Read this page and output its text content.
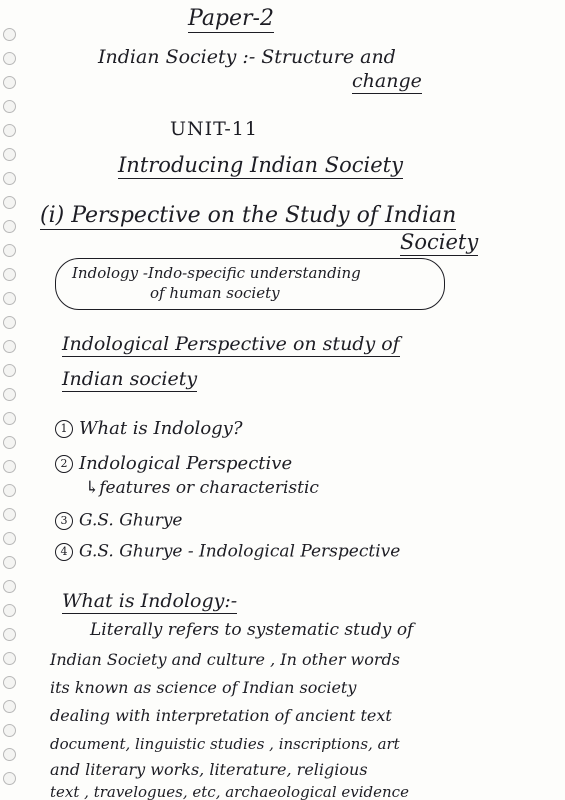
Paper-2
Indian Society :- Structure and
change
UNIT-11
Introducing Indian Society
(i) Perspective on the Study of Indian
Society
Indology -Indo-specific understanding
of human society
Indological Perspective on study of
Indian society
1 What is Indology?
2 Indological Perspective
↳features or characteristic
3 G.S. Ghurye
4 G.S. Ghurye - Indological Perspective
What is Indology:-
Literally refers to systematic study of
Indian Society and culture , In other words
its known as science of Indian society
dealing with interpretation of ancient text
document, linguistic studies , inscriptions, art
and literary works, literature, religious
text , travelogues, etc, archaeological evidence
